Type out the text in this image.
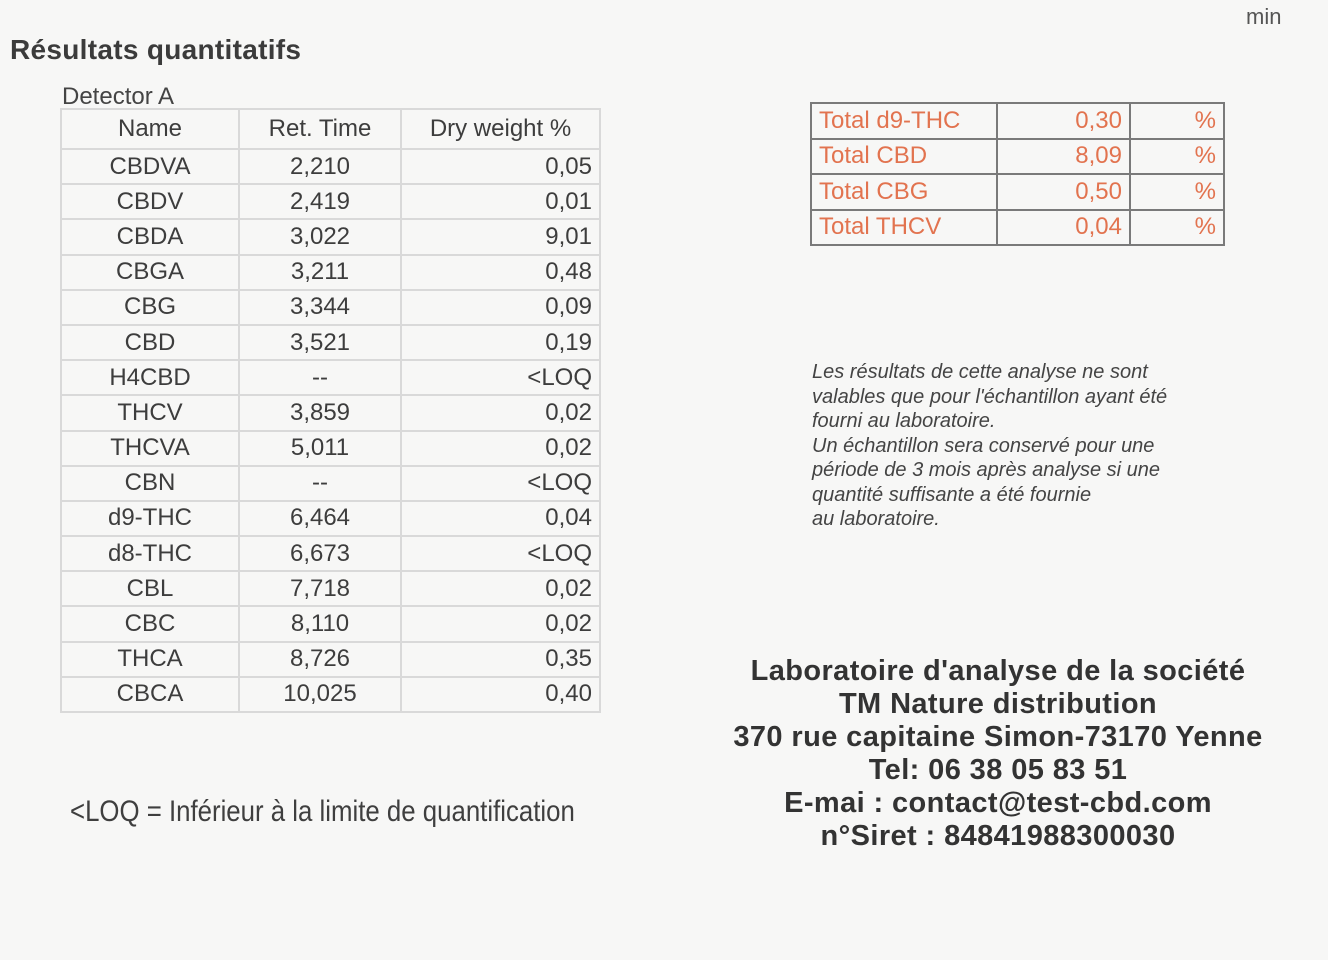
min
Résultats quantitatifs
Detector A
Name	Ret. Time	Dry weight %
CBDVA	2,210	0,05
CBDV	2,419	0,01
CBDA	3,022	9,01
CBGA	3,211	0,48
CBG	3,344	0,09
CBD	3,521	0,19
H4CBD	--	<LOQ
THCV	3,859	0,02
THCVA	5,011	0,02
CBN	--	<LOQ
d9-THC	6,464	0,04
d8-THC	6,673	<LOQ
CBL	7,718	0,02
CBC	8,110	0,02
THCA	8,726	0,35
CBCA	10,025	0,40
<LOQ = Inférieur à la limite de quantification
Total d9-THC	0,30	%
Total CBD	8,09	%
Total CBG	0,50	%
Total THCV	0,04	%
Les résultats de cette analyse ne sont
valables que pour l'échantillon ayant été
fourni au laboratoire.
Un échantillon sera conservé pour une
période de 3 mois après analyse si une
quantité suffisante a été fournie
au laboratoire.
Laboratoire d'analyse de la société
TM Nature distribution
370 rue capitaine Simon-73170 Yenne
Tel: 06 38 05 83 51
E-mai : contact@test-cbd.com
n°Siret : 84841988300030
